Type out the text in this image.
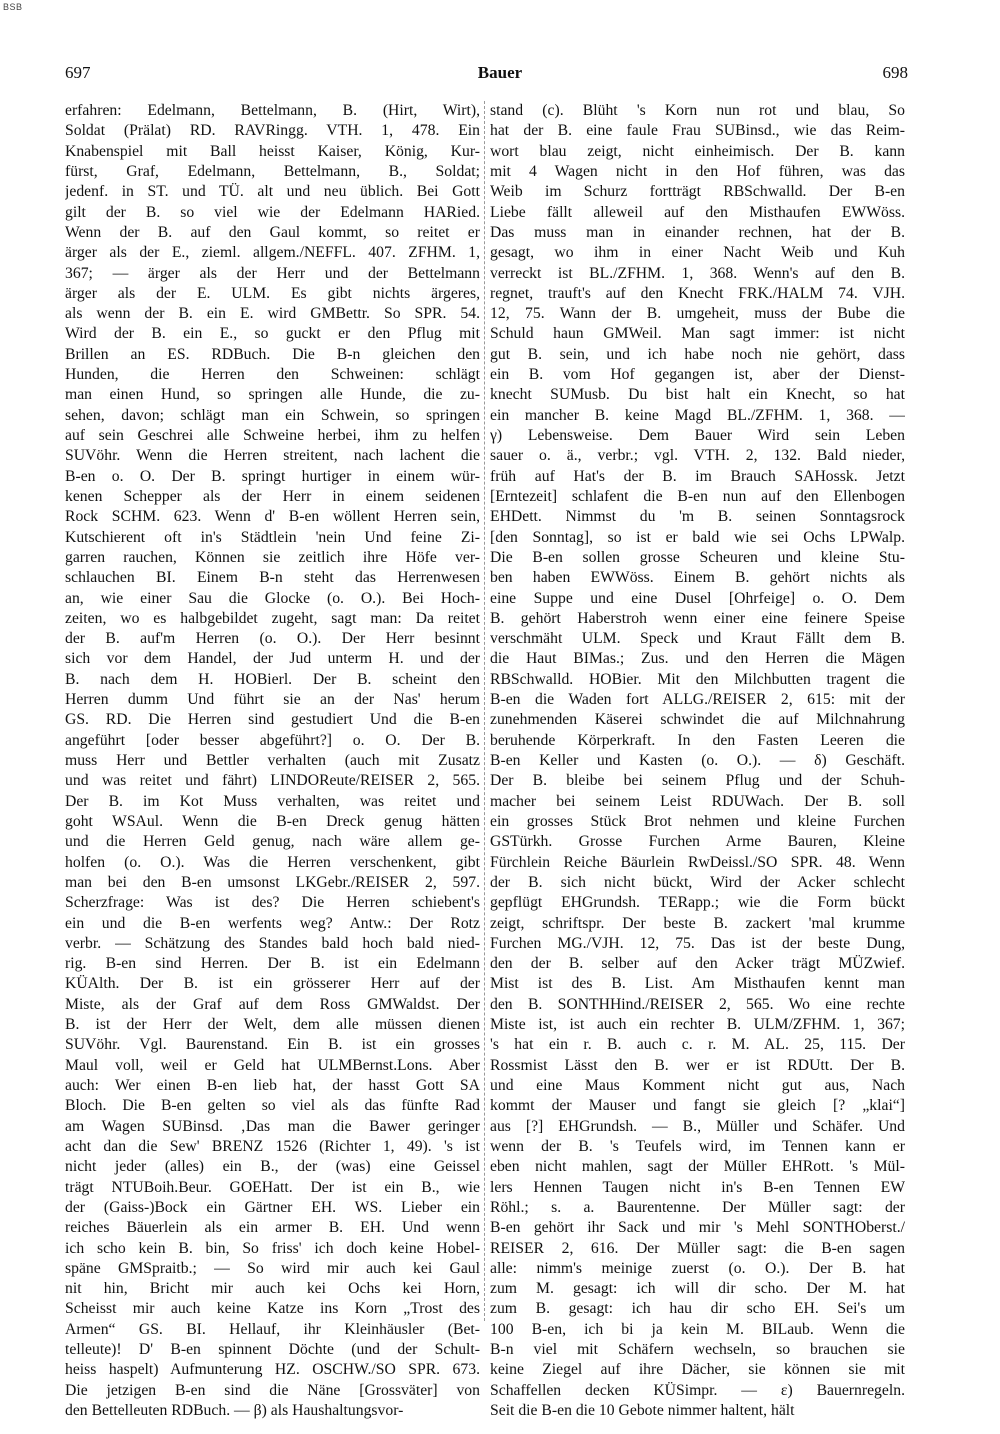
BSB
697	Bauer	698
erfahren: Edelmann, Bettelmann, B. (Hirt, Wirt),
Soldat (Prälat) RD. RAVRingg. VTH. 1, 478. Ein
Knabenspiel mit Ball heisst Kaiser, König, Kur-
fürst, Graf, Edelmann, Bettelmann, B., Soldat;
jedenf. in ST. und TÜ. alt und neu üblich. Bei Gott
gilt der B. so viel wie der Edelmann HARied.
Wenn der B. auf den Gaul kommt, so reitet er
ärger als der E., zieml. allgem./NEFFL. 407. ZFHM. 1,
367; — ärger als der Herr und der Bettelmann
ärger als der E. ULM. Es gibt nichts ärgeres,
als wenn der B. ein E. wird GMBettr. So SPR. 54.
Wird der B. ein E., so guckt er den Pflug mit
Brillen an ES. RDBuch. Die B-n gleichen den
Hunden, die Herren den Schweinen: schlägt
man einen Hund, so springen alle Hunde, die zu-
sehen, davon; schlägt man ein Schwein, so springen
auf sein Geschrei alle Schweine herbei, ihm zu helfen
SUVöhr. Wenn die Herren streitent, nach lachent die
B-en o. O. Der B. springt hurtiger in einem wür-
kenen Schepper als der Herr in einem seidenen
Rock SCHM. 623. Wenn d' B-en wöllent Herren sein,
Kutschierent oft in's Städtlein 'nein Und feine Zi-
garren rauchen, Können sie zeitlich ihre Höfe ver-
schlauchen BI. Einem B-n steht das Herrenwesen
an, wie einer Sau die Glocke (o. O.). Bei Hoch-
zeiten, wo es halbgebildet zugeht, sagt man: Da reitet
der B. auf'm Herren (o. O.). Der Herr besinnt
sich vor dem Handel, der Jud unterm H. und der
B. nach dem H. HOBierl. Der B. scheint den
Herren dumm Und führt sie an der Nas' herum
GS. RD. Die Herren sind gestudiert Und die B-en
angeführt [oder besser abgeführt?] o. O. Der B.
muss Herr und Bettler verhalten (auch mit Zusatz
und was reitet und fährt) LINDOReute/REISER 2, 565.
Der B. im Kot Muss verhalten, was reitet und
goht WSAul. Wenn die B-en Dreck genug hätten
und die Herren Geld genug, nach wäre allem ge-
holfen (o. O.). Was die Herren verschenkent, gibt
man bei den B-en umsonst LKGebr./REISER 2, 597.
Scherzfrage: Was ist des? Die Herren schiebent's
ein und die B-en werfents weg? Antw.: Der Rotz
verbr. — Schätzung des Standes bald hoch bald nied-
rig. B-en sind Herren. Der B. ist ein Edelmann
KÜAlth. Der B. ist ein grösserer Herr auf der
Miste, als der Graf auf dem Ross GMWaldst. Der
B. ist der Herr der Welt, dem alle müssen dienen
SUVöhr. Vgl. Baurenstand. Ein B. ist ein grosses
Maul voll, weil er Geld hat ULMBernst.Lons. Aber
auch: Wer einen B-en lieb hat, der hasst Gott SA
Bloch. Die B-en gelten so viel als das fünfte Rad
am Wagen SUBinsd. ‚Das man die Bawer geringer
acht dan die Sew' BRENZ 1526 (Richter 1, 49). 's ist
nicht jeder (alles) ein B., der (was) eine Geissel
trägt NTUBoih.Beur. GOEHatt. Der ist ein B., wie
der (Gaiss-)Bock ein Gärtner EH. WS. Lieber ein
reiches Bäuerlein als ein armer B. EH. Und wenn
ich scho kein B. bin, So friss' ich doch keine Hobel-
späne GMSpraitb.; — So wird mir auch kei Gaul
nit hin, Bricht mir auch kei Ochs kei Horn,
Scheisst mir auch keine Katze ins Korn „Trost des
Armen“ GS. BI. Hellauf, ihr Kleinhäusler (Bet-
telleute)! D' B-en spinnent Döchte (und der Schult-
heiss haspelt) Aufmunterung HZ. OSCHW./SO SPR. 673.
Die jetzigen B-en sind die Näne [Grossväter] von
den Bettelleuten RDBuch. — β) als Haushaltungsvor-
stand (c). Blüht 's Korn nun rot und blau, So
hat der B. eine faule Frau SUBinsd., wie das Reim-
wort blau zeigt, nicht einheimisch. Der B. kann
mit 4 Wagen nicht in den Hof führen, was das
Weib im Schurz fortträgt RBSchwalld. Der B-en
Liebe fällt alleweil auf den Misthaufen EWWöss.
Das muss man in einander rechnen, hat der B.
gesagt, wo ihm in einer Nacht Weib und Kuh
verreckt ist BL./ZFHM. 1, 368. Wenn's auf den B.
regnet, trauft's auf den Knecht FRK./HALM 74. VJH.
12, 75. Wann der B. umgeheit, muss der Bube die
Schuld haun GMWeil. Man sagt immer: ist nicht
gut B. sein, und ich habe noch nie gehört, dass
ein B. vom Hof gegangen ist, aber der Dienst-
knecht SUMusb. Du bist halt ein Knecht, so hat
ein mancher B. keine Magd BL./ZFHM. 1, 368. —
γ) Lebensweise. Dem Bauer Wird sein Leben
sauer o. ä., verbr.; vgl. VTH. 2, 132. Bald nieder,
früh auf Hat's der B. im Brauch SAHossk. Jetzt
[Erntezeit] schlafent die B-en nun auf den Ellenbogen
EHDett. Nimmst du 'm B. seinen Sonntagsrock
[den Sonntag], so ist er bald wie sei Ochs LPWalp.
Die B-en sollen grosse Scheuren und kleine Stu-
ben haben EWWöss. Einem B. gehört nichts als
eine Suppe und eine Dusel [Ohrfeige] o. O. Dem
B. gehört Haberstroh wenn einer eine feinere Speise
verschmäht ULM. Speck und Kraut Fällt dem B.
die Haut BIMas.; Zus. und den Herren die Mägen
RBSchwalld. HOBier. Mit den Milchbutten tragent die
B-en die Waden fort ALLG./REISER 2, 615: mit der
zunehmenden Käserei schwindet die auf Milchnahrung
beruhende Körperkraft. In den Fasten Leeren die
B-en Keller und Kasten (o. O.). — δ) Geschäft.
Der B. bleibe bei seinem Pflug und der Schuh-
macher bei seinem Leist RDUWach. Der B. soll
ein grosses Stück Brot nehmen und kleine Furchen
GSTürkh. Grosse Furchen Arme Bauren, Kleine
Fürchlein Reiche Bäurlein RwDeissl./SO SPR. 48. Wenn
der B. sich nicht bückt, Wird der Acker schlecht
gepflügt EHGrundsh. TERapp.; wie die Form bückt
zeigt, schriftspr. Der beste B. zackert 'mal krumme
Furchen MG./VJH. 12, 75. Das ist der beste Dung,
den der B. selber auf den Acker trägt MÜZwief.
Mist ist des B. List. Am Misthaufen kennt man
den B. SONTHHind./REISER 2, 565. Wo eine rechte
Miste ist, ist auch ein rechter B. ULM/ZFHM. 1, 367;
's hat ein r. B. auch c. r. M. AL. 25, 115. Der
Rossmist Lässt den B. wer er ist RDUtt. Der B.
und eine Maus Komment nicht gut aus, Nach
kommt der Mauser und fangt sie gleich [? „klai“]
aus [?] EHGrundsh. — B., Müller und Schäfer. Und
wenn der B. 's Teufels wird, im Tennen kann er
eben nicht mahlen, sagt der Müller EHRott. 's Mül-
lers Hennen Taugen nicht in's B-en Tennen EW
Röhl.; s. a. Baurentenne. Der Müller sagt: der
B-en gehört ihr Sack und mir 's Mehl SONTHOberst./
REISER 2, 616. Der Müller sagt: die B-en sagen
alle: nimm's meinige zuerst (o. O.). Der B. hat
zum M. gesagt: ich will dir scho. Der M. hat
zum B. gesagt: ich hau dir scho EH. Sei's um
100 B-en, ich bi ja kein M. BILaub. Wenn die
B-n viel mit Schäfern wechseln, so brauchen sie
keine Ziegel auf ihre Dächer, sie können sie mit
Schaffellen decken KÜSimpr. — ε) Bauernregeln.
Seit die B-en die 10 Gebote nimmer haltent, hält
